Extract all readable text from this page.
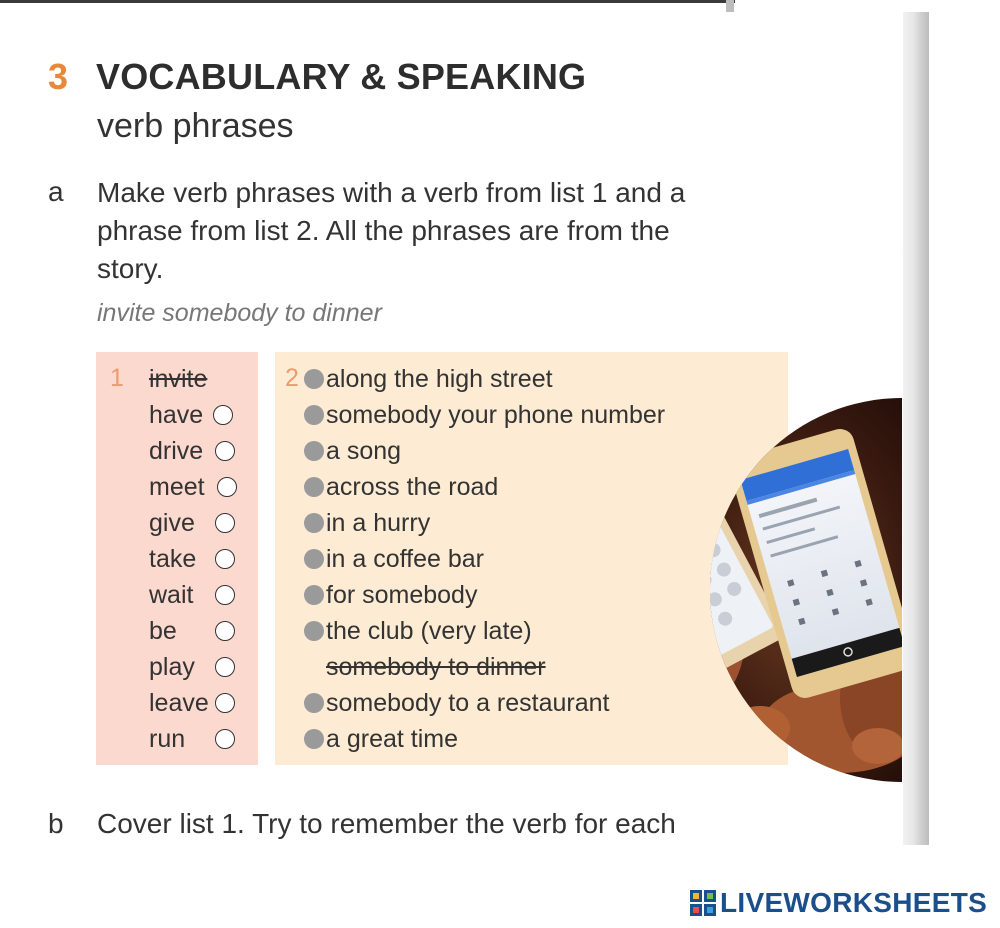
3 VOCABULARY & SPEAKING
verb phrases
a Make verb phrases with a verb from list 1 and a phrase from list 2. All the phrases are from the story.
invite somebody to dinner
1	2
invite
have
drive
meet
give
take
wait
be
play
leave
run
along the high street
somebody your phone number
a song
across the road
in a hurry
in a coffee bar
for somebody
the club (very late)
somebody to dinner
somebody to a restaurant
a great time
b Cover list 1. Try to remember the verb for each
LIVEWORKSHEETS
